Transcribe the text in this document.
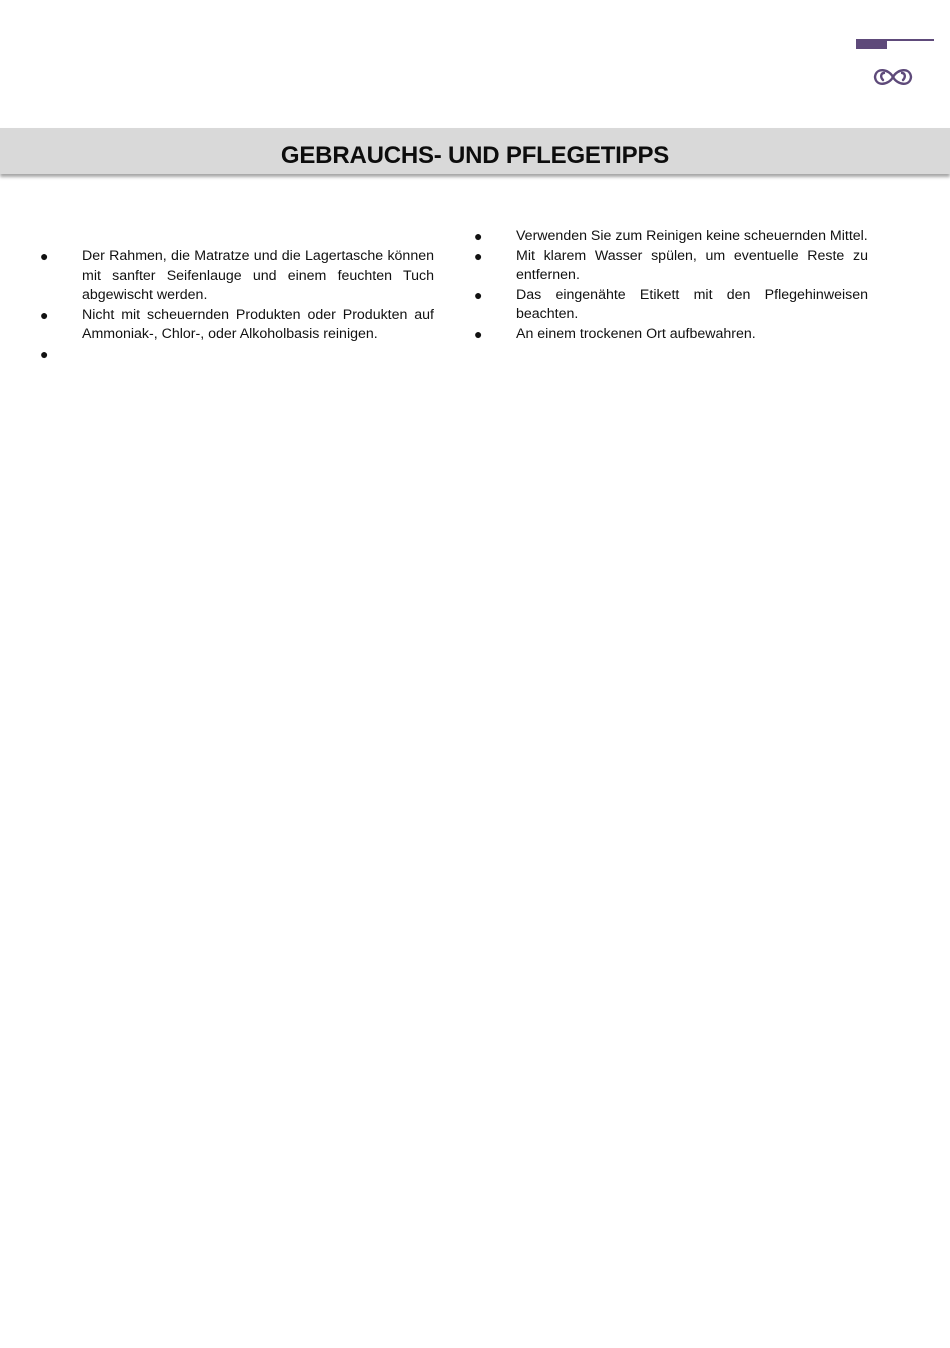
GEBRAUCHS- UND PFLEGETIPPS
● Der Rahmen, die Matratze und die Lagertasche können mit sanfter Seifenlauge und einem feuchten Tuch abgewischt werden.
● Nicht mit scheuernden Produkten oder Produkten auf Ammoniak-, Chlor-, oder Alkoholbasis reinigen.
●
● Verwenden Sie zum Reinigen keine scheuernden Mittel.
● Mit klarem Wasser spülen, um eventuelle Reste zu entfernen.
● Das eingenähte Etikett mit den Pflegehinweisen beachten.
● An einem trockenen Ort aufbewahren.
